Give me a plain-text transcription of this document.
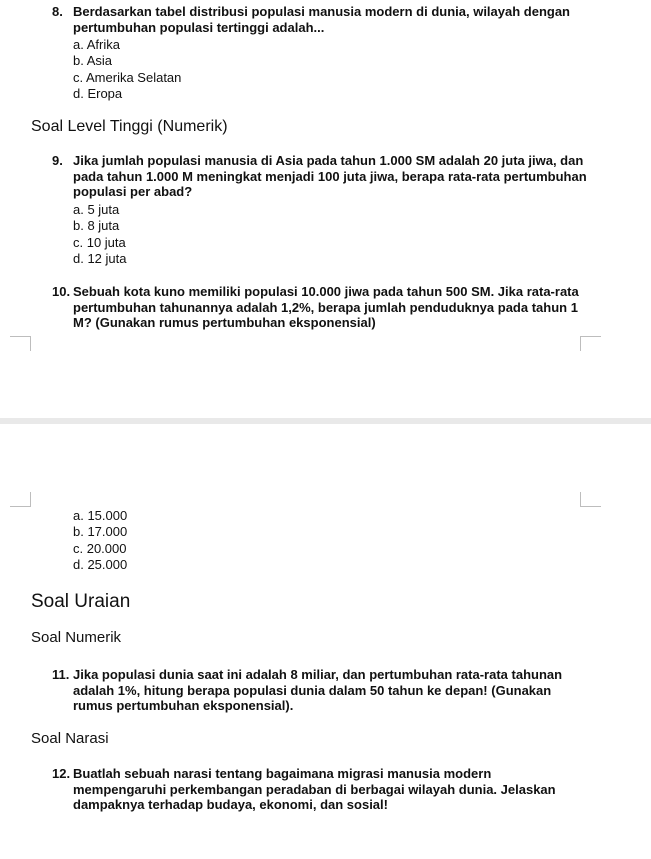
8. Berdasarkan tabel distribusi populasi manusia modern di dunia, wilayah dengan pertumbuhan populasi tertinggi adalah...
a. Afrika
b. Asia
c. Amerika Selatan
d. Eropa
Soal Level Tinggi (Numerik)
9. Jika jumlah populasi manusia di Asia pada tahun 1.000 SM adalah 20 juta jiwa, dan pada tahun 1.000 M meningkat menjadi 100 juta jiwa, berapa rata-rata pertumbuhan populasi per abad?
a. 5 juta
b. 8 juta
c. 10 juta
d. 12 juta
10. Sebuah kota kuno memiliki populasi 10.000 jiwa pada tahun 500 SM. Jika rata-rata pertumbuhan tahunannya adalah 1,2%, berapa jumlah penduduknya pada tahun 1 M? (Gunakan rumus pertumbuhan eksponensial)
a. 15.000
b. 17.000
c. 20.000
d. 25.000
Soal Uraian
Soal Numerik
11. Jika populasi dunia saat ini adalah 8 miliar, dan pertumbuhan rata-rata tahunan adalah 1%, hitung berapa populasi dunia dalam 50 tahun ke depan! (Gunakan rumus pertumbuhan eksponensial).
Soal Narasi
12. Buatlah sebuah narasi tentang bagaimana migrasi manusia modern mempengaruhi perkembangan peradaban di berbagai wilayah dunia. Jelaskan dampaknya terhadap budaya, ekonomi, dan sosial!
